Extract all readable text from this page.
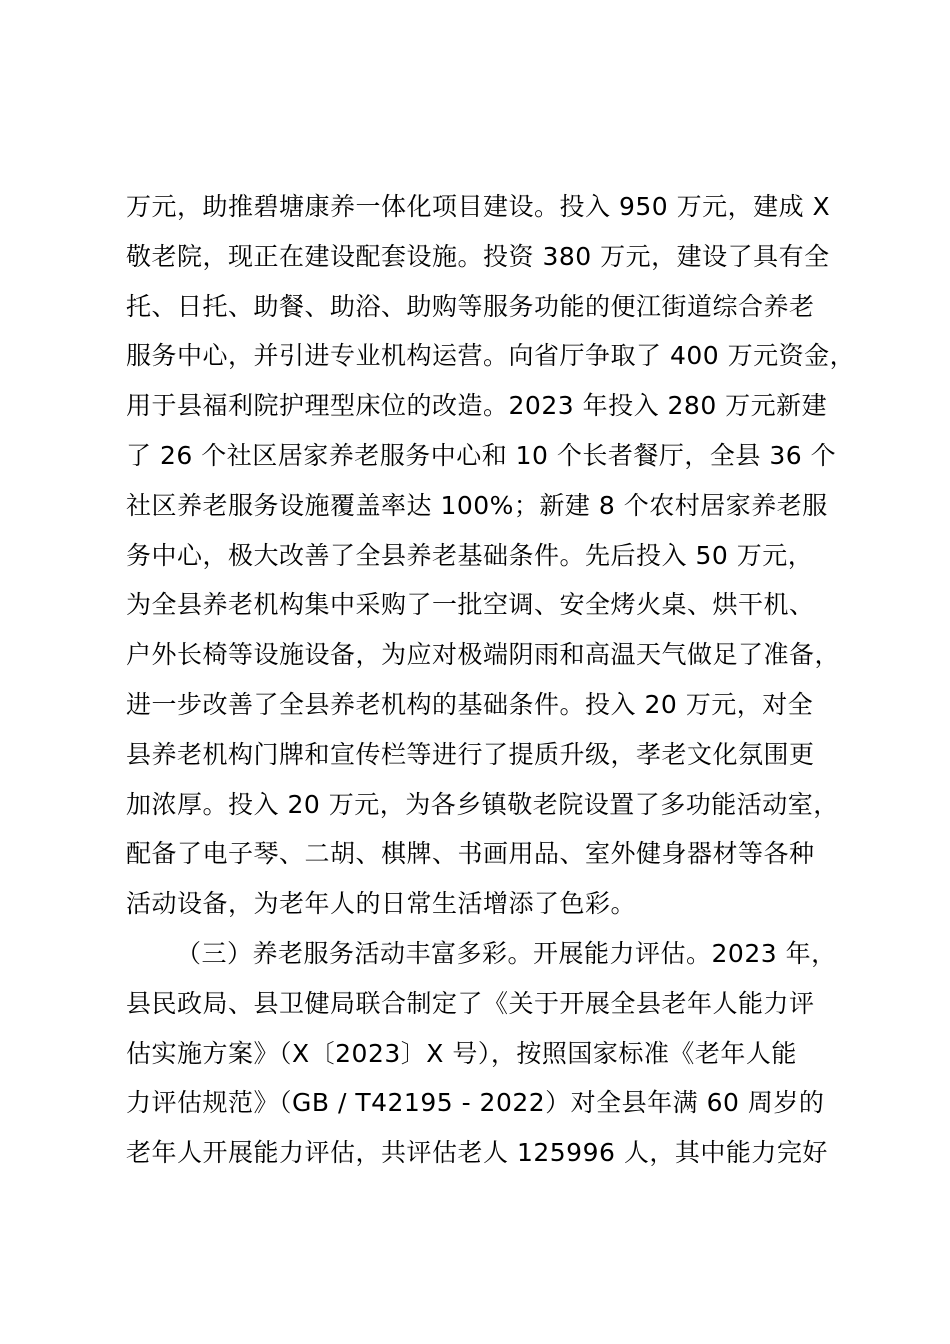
万元，助推碧塘康养一体化项目建设。投入 950 万元，建成 X
敬老院，现正在建设配套设施。投资 380 万元，建设了具有全
托、日托、助餐、助浴、助购等服务功能的便江街道综合养老
服务中心，并引进专业机构运营。向省厅争取了 400 万元资金，
用于县福利院护理型床位的改造。2023 年投入 280 万元新建
了 26 个社区居家养老服务中心和 10 个长者餐厅，全县 36 个
社区养老服务设施覆盖率达 100%；新建 8 个农村居家养老服
务中心，极大改善了全县养老基础条件。先后投入 50 万元，
为全县养老机构集中采购了一批空调、安全烤火桌、烘干机、
户外长椅等设施设备，为应对极端阴雨和高温天气做足了准备，
进一步改善了全县养老机构的基础条件。投入 20 万元，对全
县养老机构门牌和宣传栏等进行了提质升级，孝老文化氛围更
加浓厚。投入 20 万元，为各乡镇敬老院设置了多功能活动室，
配备了电子琴、二胡、棋牌、书画用品、室外健身器材等各种
活动设备，为老年人的日常生活增添了色彩。
（三）养老服务活动丰富多彩。开展能力评估。2023 年，
县民政局、县卫健局联合制定了《关于开展全县老年人能力评
估实施方案》（X〔2023〕X 号），按照国家标准《老年人能
力评估规范》（GB / T42195 - 2022）对全县年满 60 周岁的
老年人开展能力评估，共评估老人 125996 人，其中能力完好
